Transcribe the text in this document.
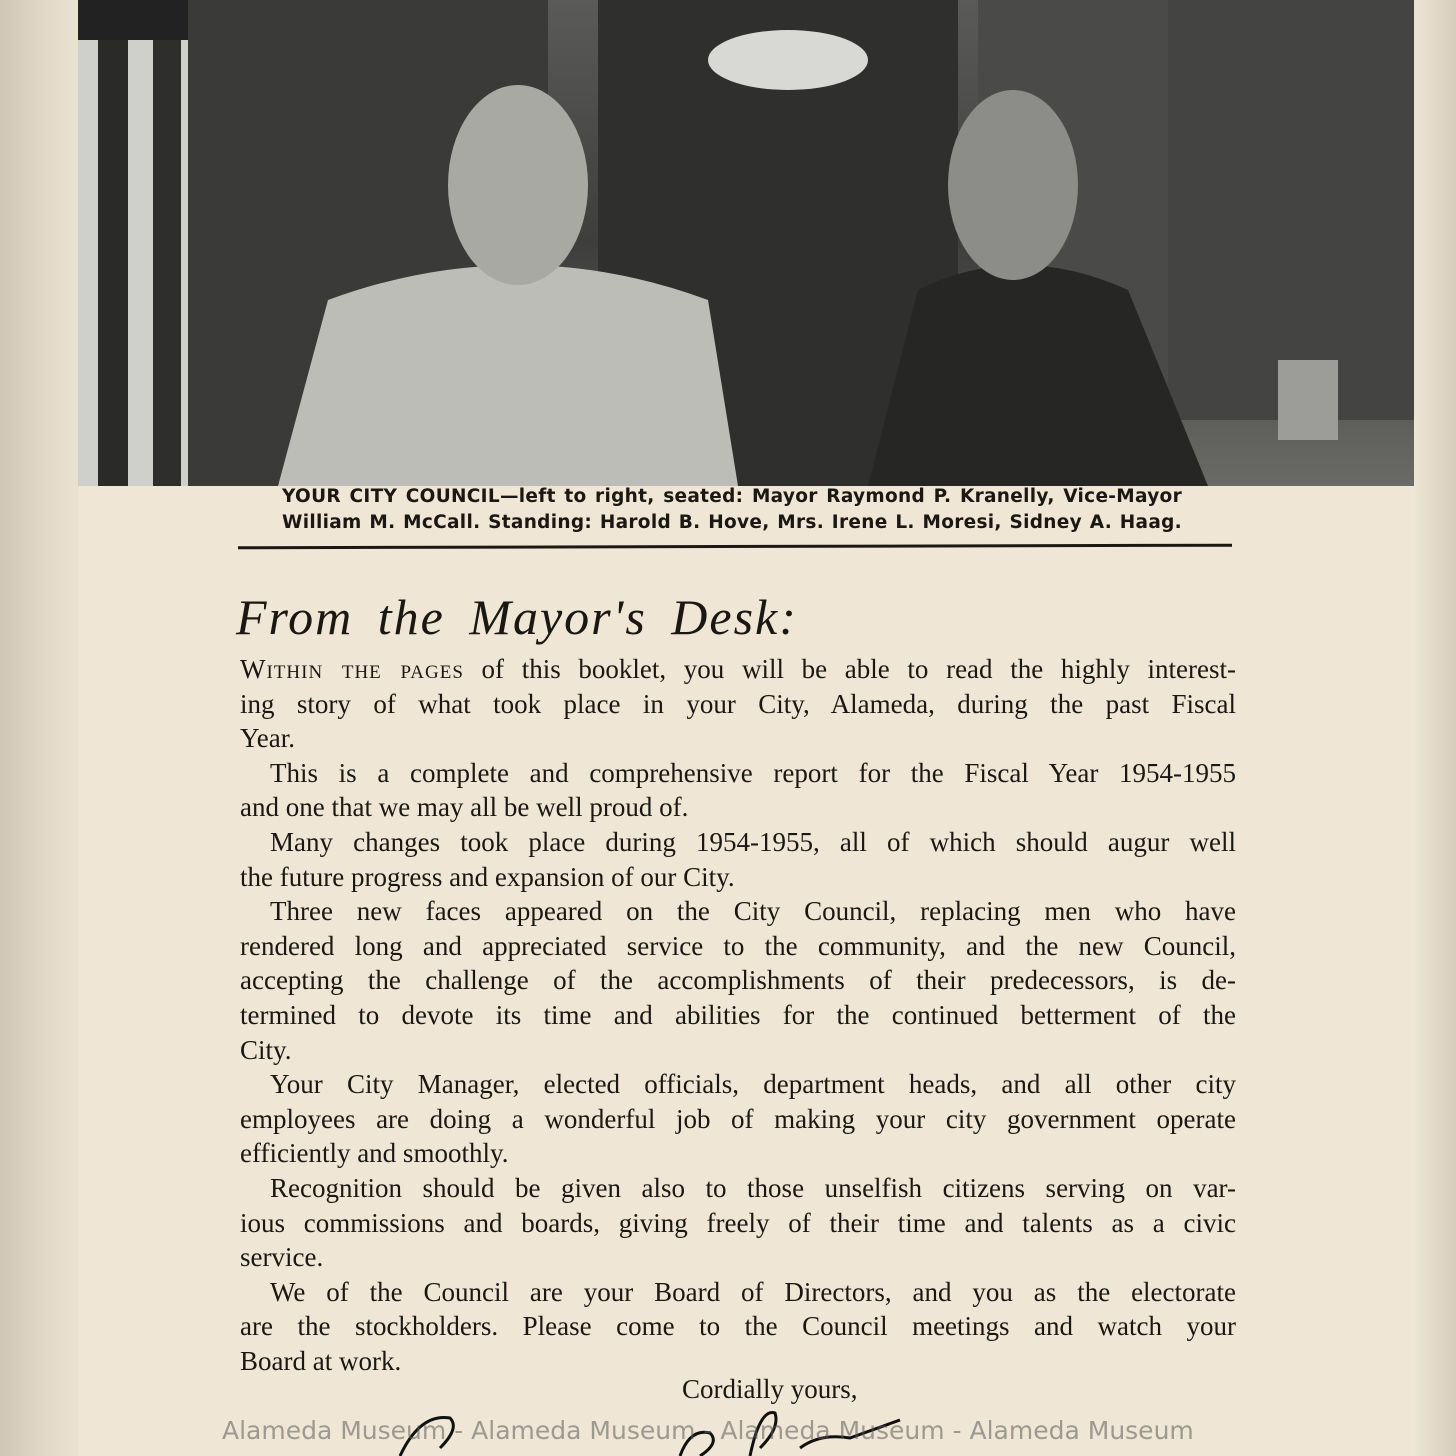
YOUR CITY COUNCIL—left to right, seated: Mayor Raymond P. Kranelly, Vice-Mayor
William M. McCall. Standing: Harold B. Hove, Mrs. Irene L. Moresi, Sidney A. Haag.
From the Mayor's Desk:
Within the pages of this booklet, you will be able to read the highly interest-
ing story of what took place in your City, Alameda, during the past Fiscal
Year.
This is a complete and comprehensive report for the Fiscal Year 1954-1955
and one that we may all be well proud of.
Many changes took place during 1954-1955, all of which should augur well
the future progress and expansion of our City.
Three new faces appeared on the City Council, replacing men who have
rendered long and appreciated service to the community, and the new Council,
accepting the challenge of the accomplishments of their predecessors, is de-
termined to devote its time and abilities for the continued betterment of the
City.
Your City Manager, elected officials, department heads, and all other city
employees are doing a wonderful job of making your city government operate
efficiently and smoothly.
Recognition should be given also to those unselfish citizens serving on var-
ious commissions and boards, giving freely of their time and talents as a civic
service.
We of the Council are your Board of Directors, and you as the electorate
are the stockholders. Please come to the Council meetings and watch your
Board at work.
Cordially yours,
Alameda Museum - Alameda Museum - Alameda Museum - Alameda Museum
